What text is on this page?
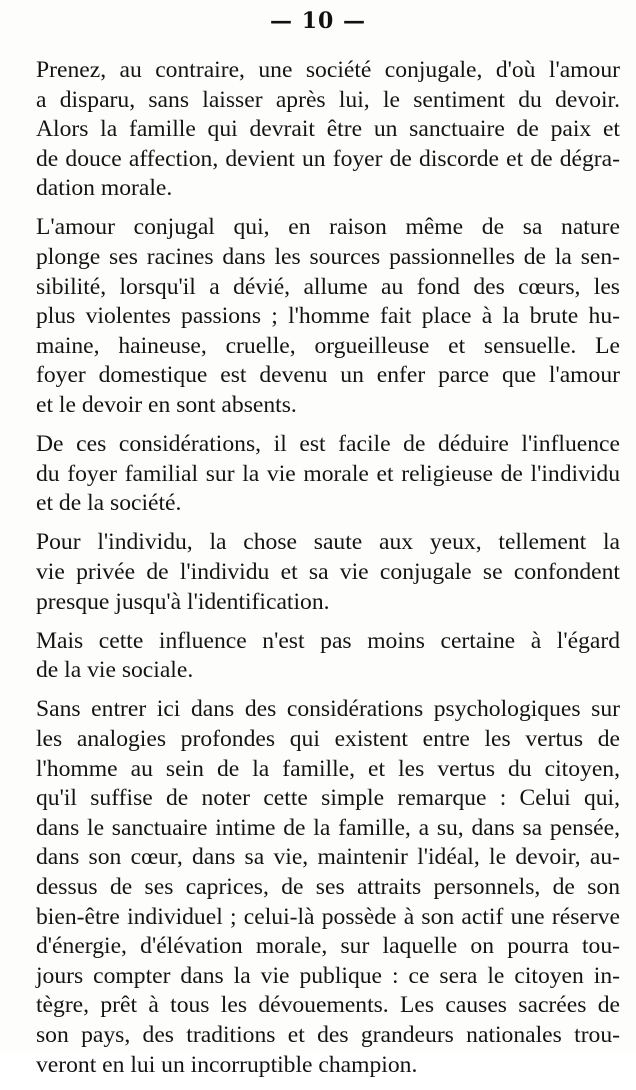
— 10 —
Prenez, au contraire, une société conjugale, d'où l'amour
a disparu, sans laisser après lui, le sentiment du devoir.
Alors la famille qui devrait être un sanctuaire de paix et
de douce affection, devient un foyer de discorde et de dégra-
dation morale.
L'amour conjugal qui, en raison même de sa nature
plonge ses racines dans les sources passionnelles de la sen-
sibilité, lorsqu'il a dévié, allume au fond des cœurs, les
plus violentes passions ; l'homme fait place à la brute hu-
maine, haineuse, cruelle, orgueilleuse et sensuelle. Le
foyer domestique est devenu un enfer parce que l'amour
et le devoir en sont absents.
De ces considérations, il est facile de déduire l'influence
du foyer familial sur la vie morale et religieuse de l'individu
et de la société.
Pour l'individu, la chose saute aux yeux, tellement la
vie privée de l'individu et sa vie conjugale se confondent
presque jusqu'à l'identification.
Mais cette influence n'est pas moins certaine à l'égard
de la vie sociale.
Sans entrer ici dans des considérations psychologiques sur
les analogies profondes qui existent entre les vertus de
l'homme au sein de la famille, et les vertus du citoyen,
qu'il suffise de noter cette simple remarque : Celui qui,
dans le sanctuaire intime de la famille, a su, dans sa pensée,
dans son cœur, dans sa vie, maintenir l'idéal, le devoir, au-
dessus de ses caprices, de ses attraits personnels, de son
bien-être individuel ; celui-là possède à son actif une réserve
d'énergie, d'élévation morale, sur laquelle on pourra tou-
jours compter dans la vie publique : ce sera le citoyen in-
tègre, prêt à tous les dévouements. Les causes sacrées de
son pays, des traditions et des grandeurs nationales trou-
veront en lui un incorruptible champion.
